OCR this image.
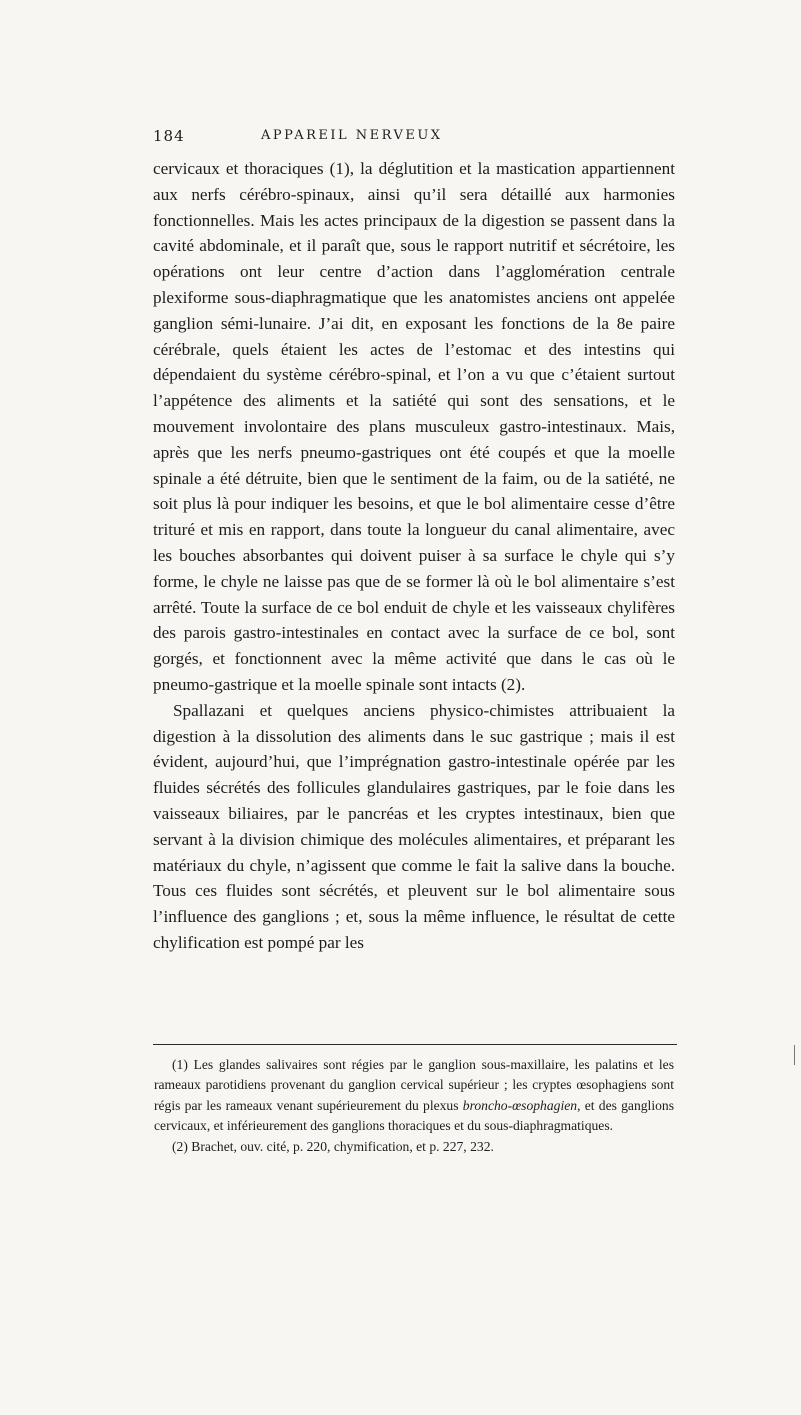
184	APPAREIL NERVEUX

cervicaux et thoraciques (1), la déglutition et la mastication appartiennent aux nerfs cérébro-spinaux, ainsi qu’il sera détaillé aux harmonies fonctionnelles. Mais les actes principaux de la digestion se passent dans la cavité abdominale, et il paraît que, sous le rapport nutritif et sécrétoire, les opérations ont leur centre d’action dans l’agglomération centrale plexiforme sous-diaphragmatique que les anatomistes anciens ont appelée ganglion sémi-lunaire. J’ai dit, en exposant les fonctions de la 8e paire cérébrale, quels étaient les actes de l’estomac et des intestins qui dépendaient du système cérébro-spinal, et l’on a vu que c’étaient surtout l’appétence des aliments et la satiété qui sont des sensations, et le mouvement involontaire des plans musculeux gastro-intestinaux. Mais, après que les nerfs pneumo-gastriques ont été coupés et que la moelle spinale a été détruite, bien que le sentiment de la faim, ou de la satiété, ne soit plus là pour indiquer les besoins, et que le bol alimentaire cesse d’être trituré et mis en rapport, dans toute la longueur du canal alimentaire, avec les bouches absorbantes qui doivent puiser à sa surface le chyle qui s’y forme, le chyle ne laisse pas que de se former là où le bol alimentaire s’est arrêté. Toute la surface de ce bol enduit de chyle et les vaisseaux chylifères des parois gastro-intestinales en contact avec la surface de ce bol, sont gorgés, et fonctionnent avec la même activité que dans le cas où le pneumo-gastrique et la moelle spinale sont intacts (2).

Spallazani et quelques anciens physico-chimistes attribuaient la digestion à la dissolution des aliments dans le suc gastrique ; mais il est évident, aujourd’hui, que l’imprégnation gastro-intestinale opérée par les fluides sécrétés des follicules glandulaires gastriques, par le foie dans les vaisseaux biliaires, par le pancréas et les cryptes intestinaux, bien que servant à la division chimique des molécules alimentaires, et préparant les matériaux du chyle, n’agissent que comme le fait la salive dans la bouche. Tous ces fluides sont sécrétés, et pleuvent sur le bol alimentaire sous l’influence des ganglions ; et, sous la même influence, le résultat de cette chylification est pompé par les

(1) Les glandes salivaires sont régies par le ganglion sous-maxillaire, les palatins et les rameaux parotidiens provenant du ganglion cervical supérieur ; les cryptes œsophagiens sont régis par les rameaux venant supérieurement du plexus broncho-œsophagien, et des ganglions cervicaux, et inférieurement des ganglions thoraciques et du sous-diaphragmatiques.

(2) Brachet, ouv. cité, p. 220, chymification, et p. 227, 232.
